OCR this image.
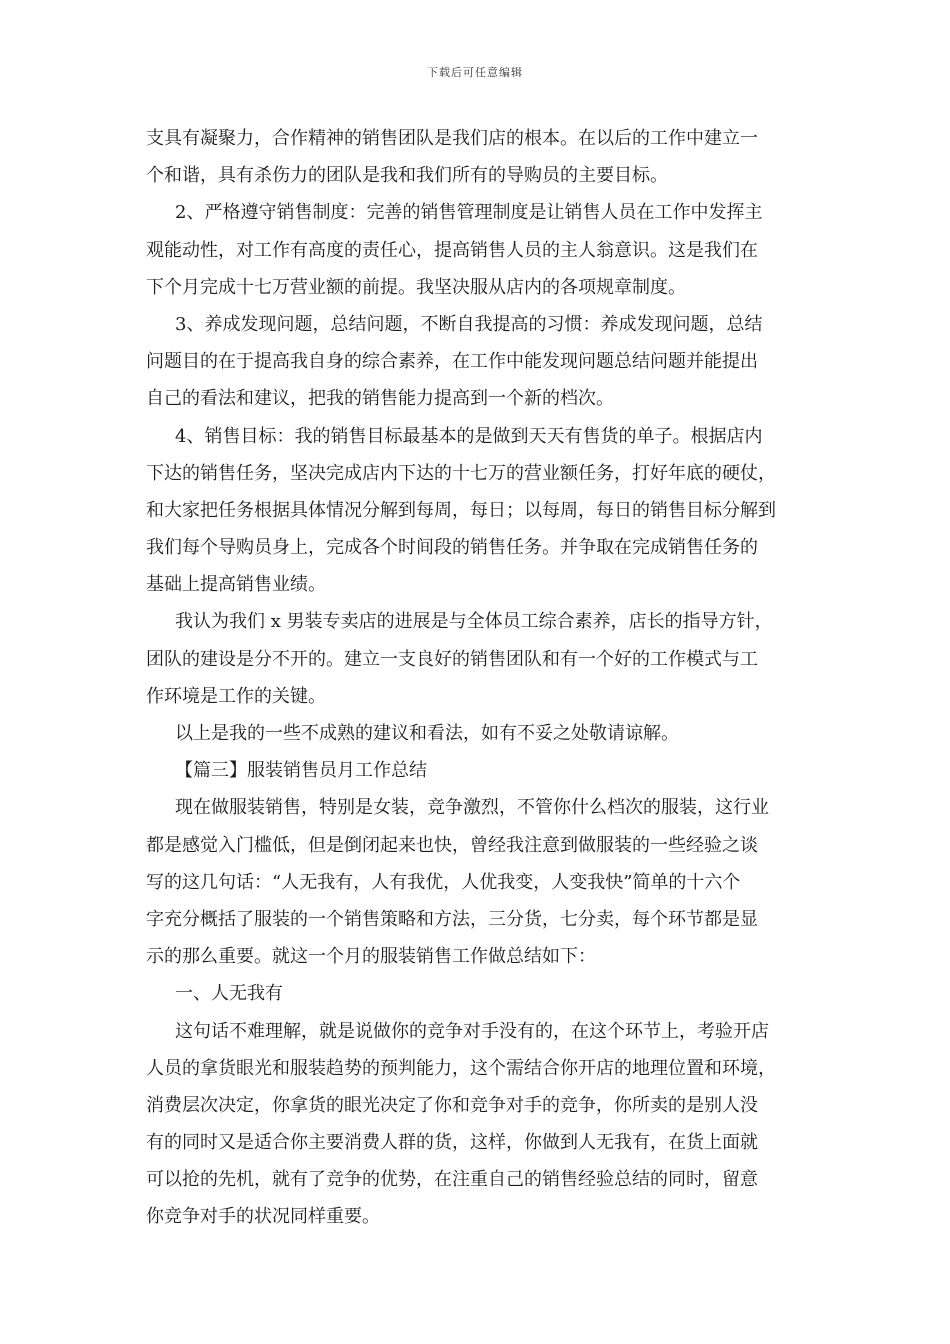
下载后可任意编辑
支具有凝聚力，合作精神的销售团队是我们店的根本。在以后的工作中建立一
个和谐，具有杀伤力的团队是我和我们所有的导购员的主要目标。
2、严格遵守销售制度：完善的销售管理制度是让销售人员在工作中发挥主
观能动性，对工作有高度的责任心，提高销售人员的主人翁意识。这是我们在
下个月完成十七万营业额的前提。我坚决服从店内的各项规章制度。
3、养成发现问题，总结问题，不断自我提高的习惯：养成发现问题，总结
问题目的在于提高我自身的综合素养，在工作中能发现问题总结问题并能提出
自己的看法和建议，把我的销售能力提高到一个新的档次。
4、销售目标：我的销售目标最基本的是做到天天有售货的单子。根据店内
下达的销售任务，坚决完成店内下达的十七万的营业额任务，打好年底的硬仗，
和大家把任务根据具体情况分解到每周，每日；以每周，每日的销售目标分解到
我们每个导购员身上，完成各个时间段的销售任务。并争取在完成销售任务的
基础上提高销售业绩。
我认为我们 x 男装专卖店的进展是与全体员工综合素养，店长的指导方针，
团队的建设是分不开的。建立一支良好的销售团队和有一个好的工作模式与工
作环境是工作的关键。
以上是我的一些不成熟的建议和看法，如有不妥之处敬请谅解。
【篇三】服装销售员月工作总结
现在做服装销售，特别是女装，竞争激烈，不管你什么档次的服装，这行业
都是感觉入门槛低，但是倒闭起来也快，曾经我注意到做服装的一些经验之谈
写的这几句话：“人无我有，人有我优，人优我变，人变我快”简单的十六个
字充分概括了服装的一个销售策略和方法，三分货，七分卖，每个环节都是显
示的那么重要。就这一个月的服装销售工作做总结如下：
一、人无我有
这句话不难理解，就是说做你的竞争对手没有的，在这个环节上，考验开店
人员的拿货眼光和服装趋势的预判能力，这个需结合你开店的地理位置和环境，
消费层次决定，你拿货的眼光决定了你和竞争对手的竞争，你所卖的是别人没
有的同时又是适合你主要消费人群的货，这样，你做到人无我有，在货上面就
可以抢的先机，就有了竞争的优势，在注重自己的销售经验总结的同时，留意
你竞争对手的状况同样重要。
